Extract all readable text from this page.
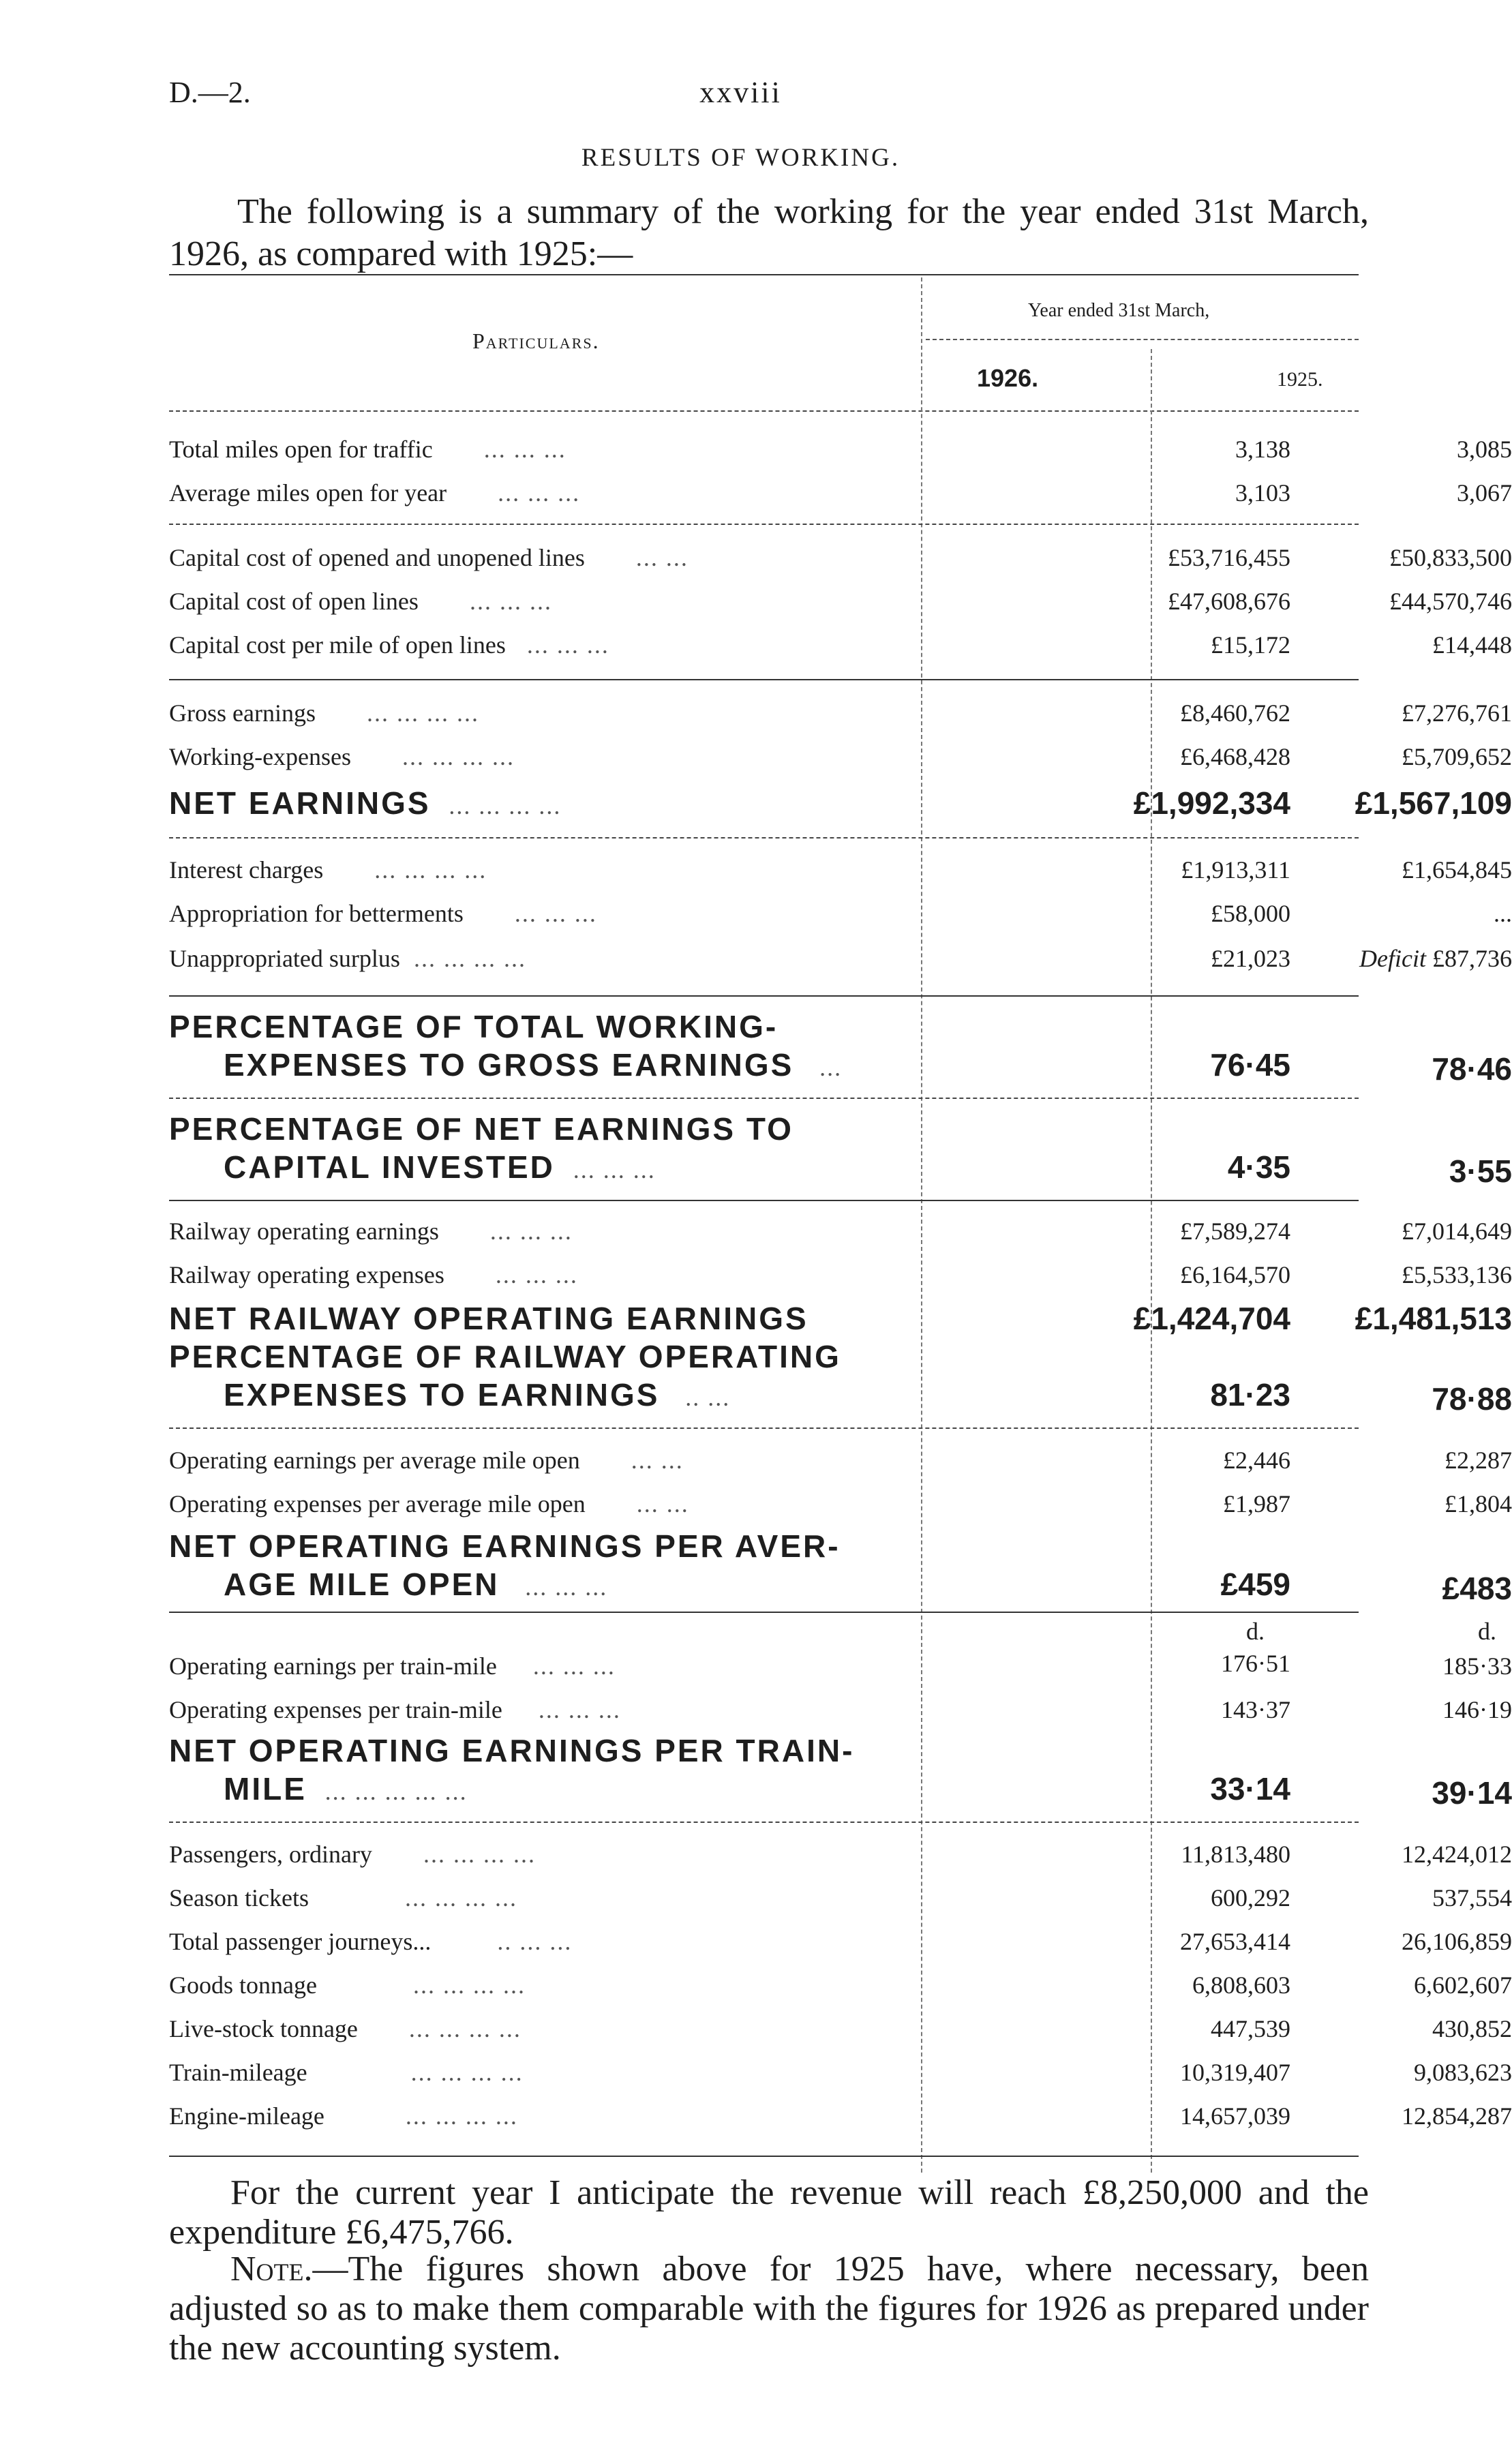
D.—2.	xxviii
RESULTS OF WORKING.
The following is a summary of the working for the year ended 31st March, 1926, as compared with 1925:—
Particulars.
Year ended 31st March,
1926.	1925.
Total miles open for traffic ... ... ...	3,138	3,085
Average miles open for year ... ... ...	3,103	3,067
Capital cost of opened and unopened lines ... ...	£53,716,455	£50,833,500
Capital cost of open lines ... ... ...	£47,608,676	£44,570,746
Capital cost per mile of open lines ... ... ...	£15,172	£14,448
Gross earnings ... ... ... ...	£8,460,762	£7,276,761
Working-expenses ... ... ... ...	£6,468,428	£5,709,652
NET EARNINGS ... ... ... ...	£1,992,334	£1,567,109
Interest charges ... ... ... ...	£1,913,311	£1,654,845
Appropriation for betterments ... ... ...	£58,000	...
Unappropriated surplus ... ... ... ...	£21,023	Deficit £87,736
PERCENTAGE OF TOTAL WORKING-
EXPENSES TO GROSS EARNINGS ...	76·45	78·46
PERCENTAGE OF NET EARNINGS TO
CAPITAL INVESTED ... ... ...	4·35	3·55
Railway operating earnings ... ... ...	£7,589,274	£7,014,649
Railway operating expenses ... ... ...	£6,164,570	£5,533,136
NET RAILWAY OPERATING EARNINGS	£1,424,704	£1,481,513
PERCENTAGE OF RAILWAY OPERATING
EXPENSES TO EARNINGS .. ...	81·23	78·88
Operating earnings per average mile open ... ...	£2,446	£2,287
Operating expenses per average mile open ... ...	£1,987	£1,804
NET OPERATING EARNINGS PER AVER-
AGE MILE OPEN ... ... ...	£459	£483
d.	d.
Operating earnings per train-mile ... ... ...	176·51	185·33
Operating expenses per train-mile ... ... ...	143·37	146·19
NET OPERATING EARNINGS PER TRAIN-
MILE ... ... ... ... ...	33·14	39·14
Passengers, ordinary ... ... ... ...	11,813,480	12,424,012
Season tickets	... ... ... ...	600,292	537,554
Total passenger journeys...	.. ... ...	27,653,414	26,106,859
Goods tonnage	... ... ... ...	6,808,603	6,602,607
Live-stock tonnage ... ... ... ...	447,539	430,852
Train-mileage	... ... ... ...	10,319,407	9,083,623
Engine-mileage	... ... ... ...	14,657,039	12,854,287
For the current year I anticipate the revenue will reach £8,250,000 and the expenditure £6,475,766.
Note.—The figures shown above for 1925 have, where necessary, been adjusted so as to make them comparable with the figures for 1926 as prepared under the new accounting system.
